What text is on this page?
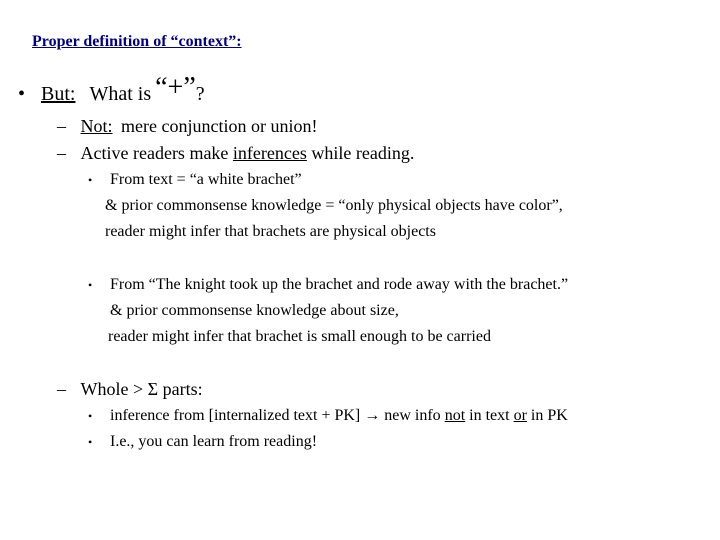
Proper definition of “context”:
• But: What is “+”?
– Not: mere conjunction or union!
– Active readers make inferences while reading.
• From text = “a white brachet”
& prior commonsense knowledge = “only physical objects have color”,
reader might infer that brachets are physical objects
• From “The knight took up the brachet and rode away with the brachet.”
& prior commonsense knowledge about size,
reader might infer that brachet is small enough to be carried
– Whole > Σ parts:
• inference from [internalized text + PK] → new info not in text or in PK
• I.e., you can learn from reading!
